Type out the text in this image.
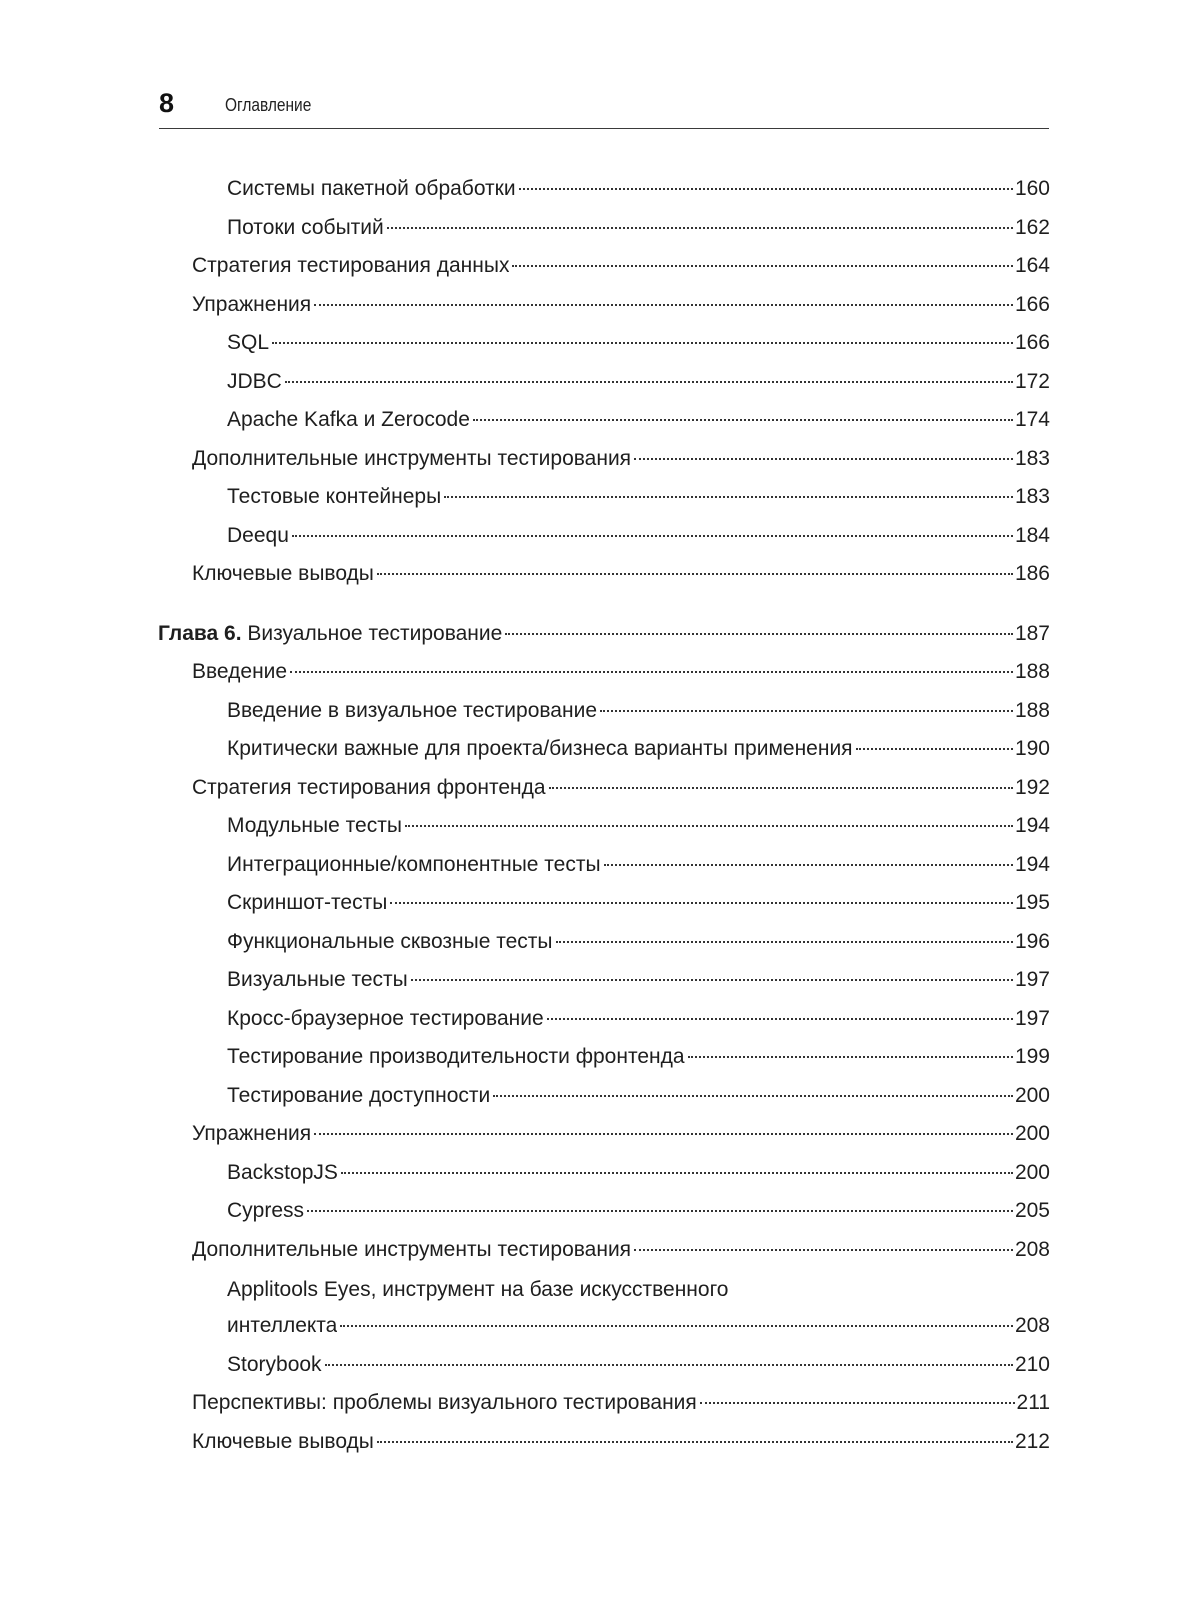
8	Оглавление
Системы пакетной обработки	160
Потоки событий	162
Стратегия тестирования данных	164
Упражнения	166
SQL	166
JDBC	172
Apache Kafka и Zerocode	174
Дополнительные инструменты тестирования	183
Тестовые контейнеры	183
Deequ	184
Ключевые выводы	186
Глава 6. Визуальное тестирование	187
Введение	188
Введение в визуальное тестирование	188
Критически важные для проекта/бизнеса варианты применения	190
Стратегия тестирования фронтенда	192
Модульные тесты	194
Интеграционные/компонентные тесты	194
Скриншот-тесты	195
Функциональные сквозные тесты	196
Визуальные тесты	197
Кросс-браузерное тестирование	197
Тестирование производительности фронтенда	199
Тестирование доступности	200
Упражнения	200
BackstopJS	200
Cypress	205
Дополнительные инструменты тестирования	208
Applitools Eyes, инструмент на базе искусственного
интеллекта	208
Storybook	210
Перспективы: проблемы визуального тестирования	211
Ключевые выводы	212
